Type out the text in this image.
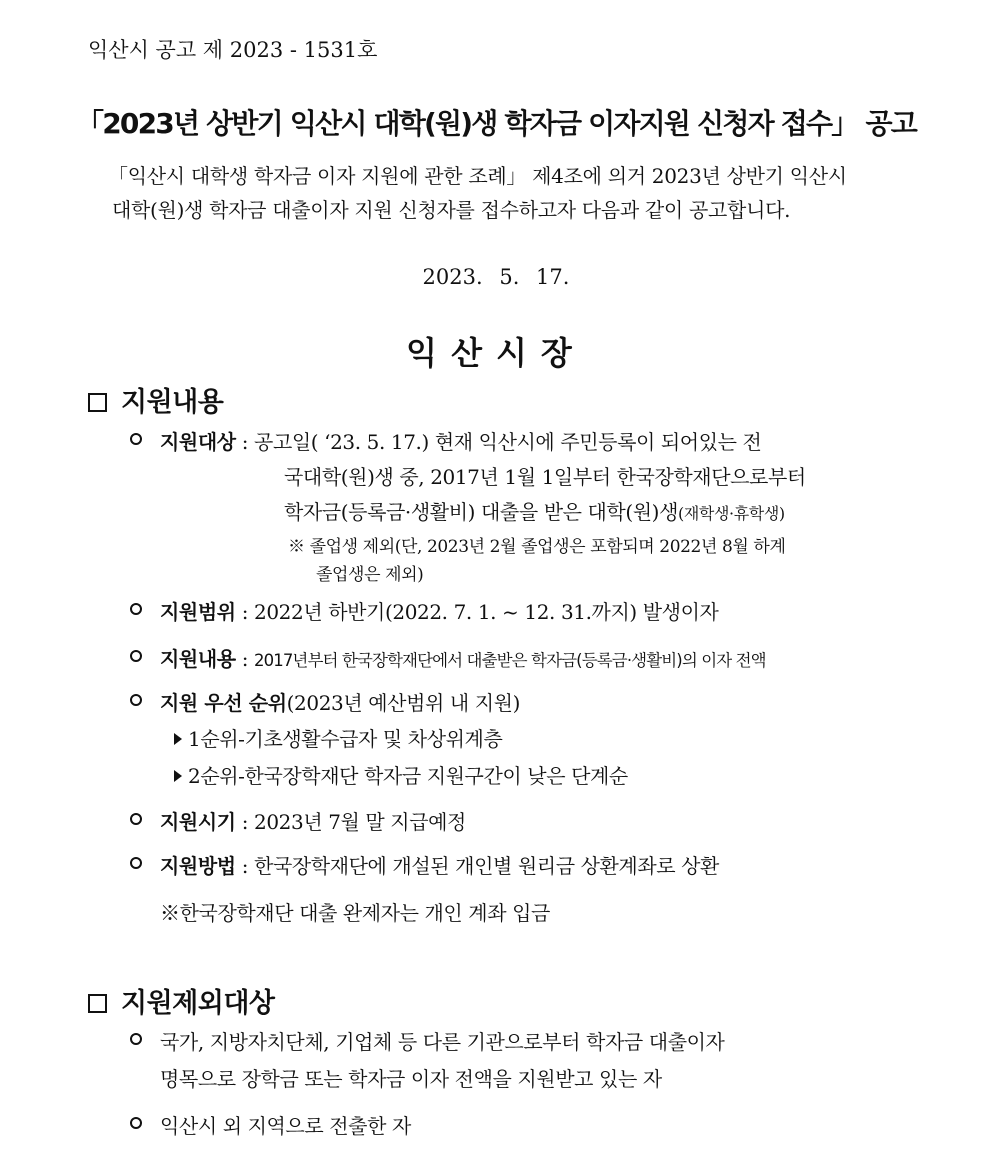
익산시 공고 제 2023 - 1531호
「2023년 상반기 익산시 대학(원)생 학자금 이자지원 신청자 접수」 공고
「익산시 대학생 학자금 이자 지원에 관한 조례」 제4조에 의거 2023년 상반기 익산시
대학(원)생 학자금 대출이자 지원 신청자를 접수하고자 다음과 같이 공고합니다.
2023. 5. 17.
익산시장
지원내용
지원대상 : 공고일( ‘23. 5. 17.) 현재 익산시에 주민등록이 되어있는 전
국대학(원)생 중, 2017년 1월 1일부터 한국장학재단으로부터
학자금(등록금·생활비) 대출을 받은 대학(원)생(재학생·휴학생)
※ 졸업생 제외(단, 2023년 2월 졸업생은 포함되며 2022년 8월 하계
졸업생은 제외)
지원범위 : 2022년 하반기(2022. 7. 1. ~ 12. 31.까지) 발생이자
지원내용 : 2017년부터 한국장학재단에서 대출받은 학자금(등록금·생활비)의 이자 전액
지원 우선 순위(2023년 예산범위 내 지원)
1순위-기초생활수급자 및 차상위계층
2순위-한국장학재단 학자금 지원구간이 낮은 단계순
지원시기 : 2023년 7월 말 지급예정
지원방법 : 한국장학재단에 개설된 개인별 원리금 상환계좌로 상환
※한국장학재단 대출 완제자는 개인 계좌 입금
지원제외대상
국가, 지방자치단체, 기업체 등 다른 기관으로부터 학자금 대출이자
명목으로 장학금 또는 학자금 이자 전액을 지원받고 있는 자
익산시 외 지역으로 전출한 자
